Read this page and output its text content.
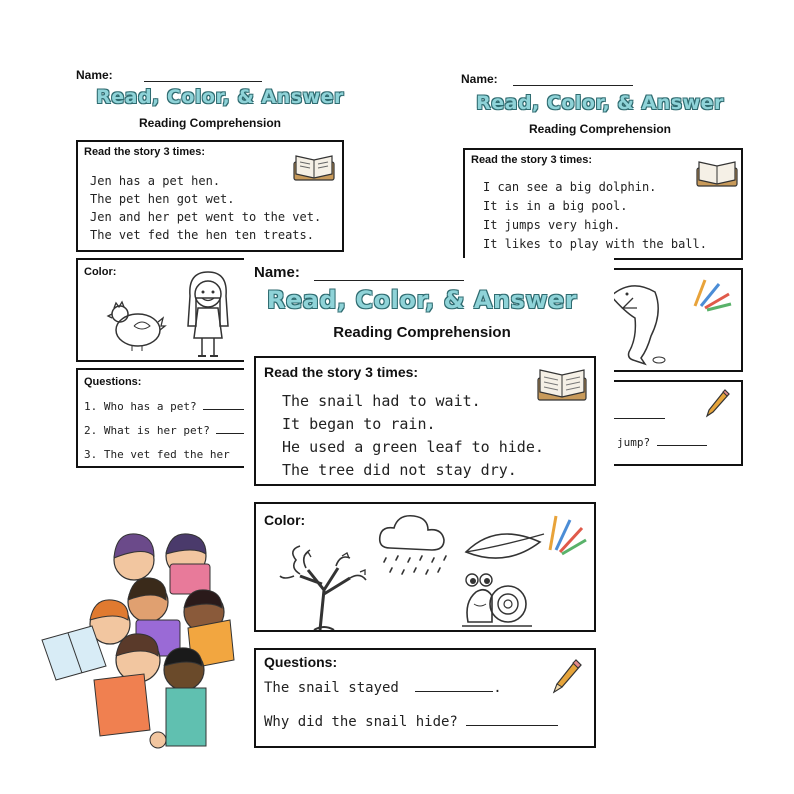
Name:
Read, Color, & Answer
Reading Comprehension
Read the story 3 times:
Jen has a pet hen.
The pet hen got wet.
Jen and her pet went to the vet.
The vet fed the hen ten treats.
Color:
Questions:
1. Who has a pet?
2. What is her pet?
3. The vet fed the her
Name:
Read, Color, & Answer
Reading Comprehension
Read the story 3 times:
I can see a big dolphin.
It is in a big pool.
It jumps very high.
It likes to play with the ball.
jump?
Name:
Read, Color, & Answer
Reading Comprehension
Read the story 3 times:
The snail had to wait.
It began to rain.
He used a green leaf to hide.
The tree did not stay dry.
Color:
Questions:
The snail stayed	.
Why did the snail hide?
